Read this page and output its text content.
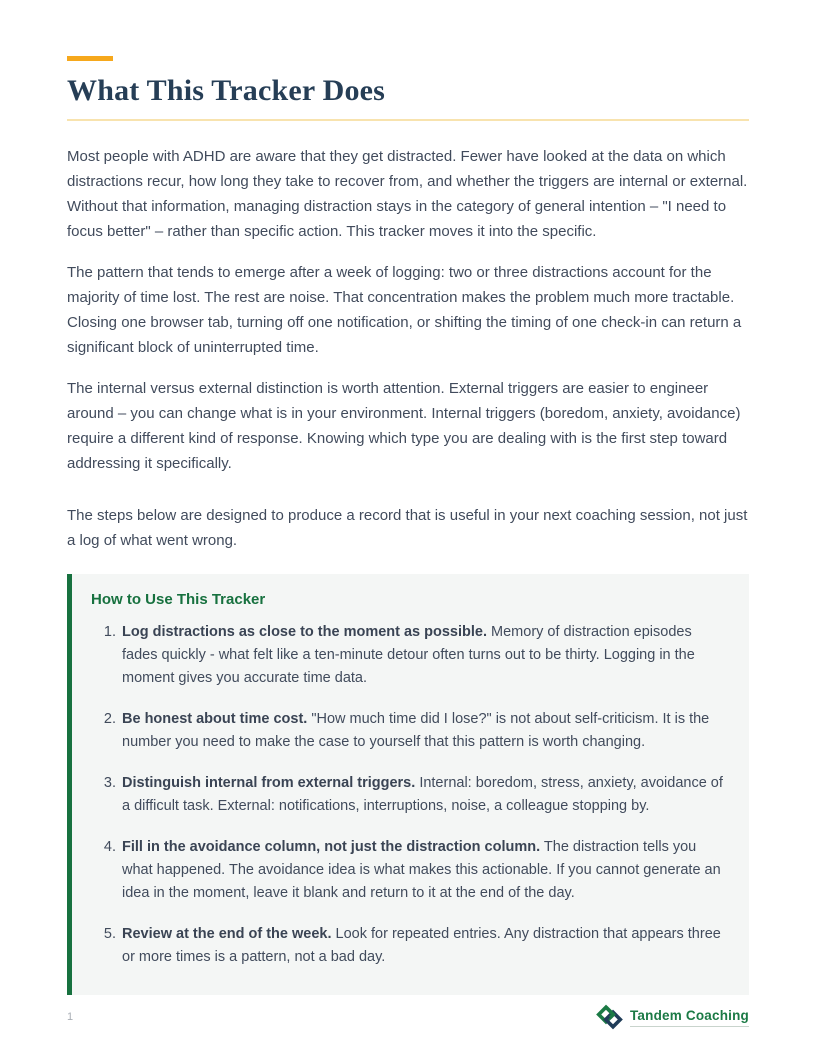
What This Tracker Does

Most people with ADHD are aware that they get distracted. Fewer have looked at the data on which distractions recur, how long they take to recover from, and whether the triggers are internal or external. Without that information, managing distraction stays in the category of general intention – "I need to focus better" – rather than specific action. This tracker moves it into the specific.

The pattern that tends to emerge after a week of logging: two or three distractions account for the majority of time lost. The rest are noise. That concentration makes the problem much more tractable. Closing one browser tab, turning off one notification, or shifting the timing of one check-in can return a significant block of uninterrupted time.

The internal versus external distinction is worth attention. External triggers are easier to engineer around – you can change what is in your environment. Internal triggers (boredom, anxiety, avoidance) require a different kind of response. Knowing which type you are dealing with is the first step toward addressing it specifically.

The steps below are designed to produce a record that is useful in your next coaching session, not just a log of what went wrong.

How to Use This Tracker

1. Log distractions as close to the moment as possible. Memory of distraction episodes fades quickly - what felt like a ten-minute detour often turns out to be thirty. Logging in the moment gives you accurate time data.
2. Be honest about time cost. "How much time did I lose?" is not about self-criticism. It is the number you need to make the case to yourself that this pattern is worth changing.
3. Distinguish internal from external triggers. Internal: boredom, stress, anxiety, avoidance of a difficult task. External: notifications, interruptions, noise, a colleague stopping by.
4. Fill in the avoidance column, not just the distraction column. The distraction tells you what happened. The avoidance idea is what makes this actionable. If you cannot generate an idea in the moment, leave it blank and return to it at the end of the day.
5. Review at the end of the week. Look for repeated entries. Any distraction that appears three or more times is a pattern, not a bad day.
1	Tandem Coaching
